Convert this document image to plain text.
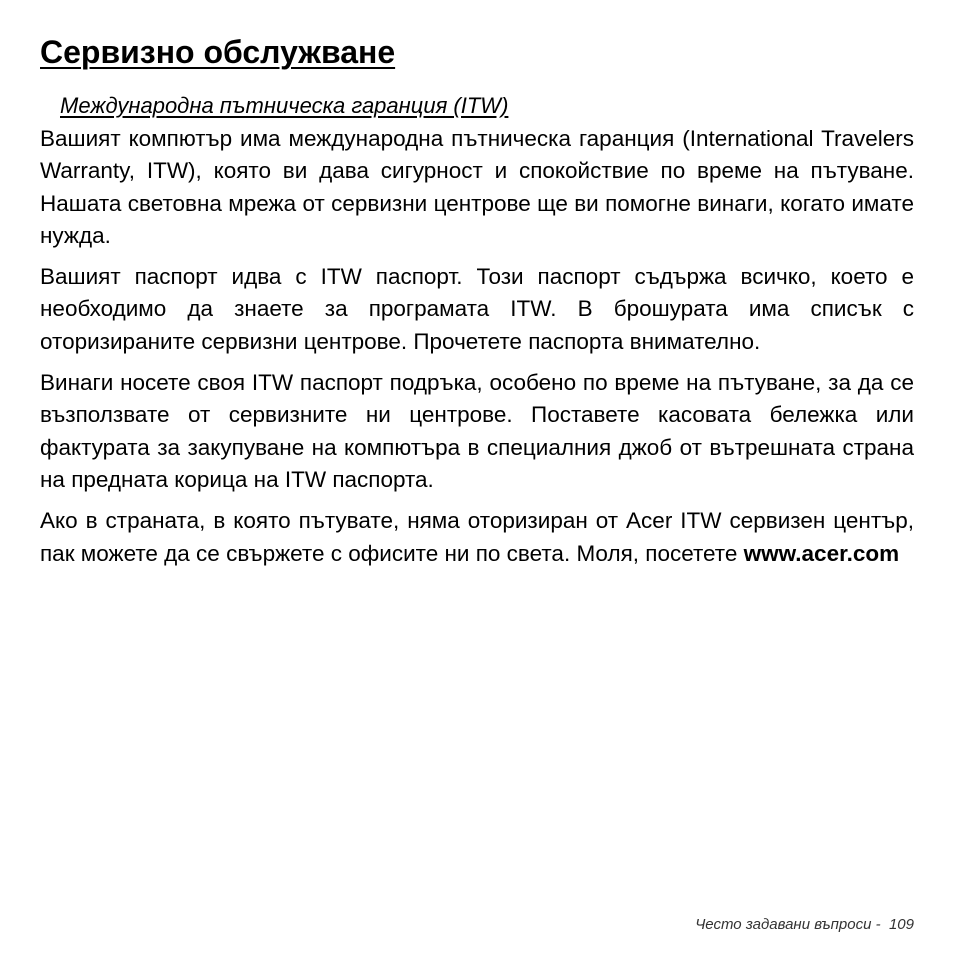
Сервизно обслужване
Международна пътническа гаранция (ITW)

Вашият компютър има международна пътническа гаранция (International Travelers Warranty, ITW), която ви дава сигурност и спокойствие по време на пътуване. Нашата световна мрежа от сервизни центрове ще ви помогне винаги, когато имате нужда.

Вашият паспорт идва с ITW паспорт. Този паспорт съдържа всичко, което е необходимо да знаете за програмата ITW. В брошурата има списък с оторизираните сервизни центрове. Прочетете паспорта внимателно.

Винаги носете своя ITW паспорт подръка, особено по време на пътуване, за да се възползвате от сервизните ни центрове. Поставете касовата бележка или фактурата за закупуване на компютъра в специалния джоб от вътрешната страна на предната корица на ITW паспорта.

Ако в страната, в която пътувате, няма оторизиран от Acer ITW сервизен център, пак можете да се свържете с офисите ни по света. Моля, посетете www.acer.com

Често задавани въпроси - 109
